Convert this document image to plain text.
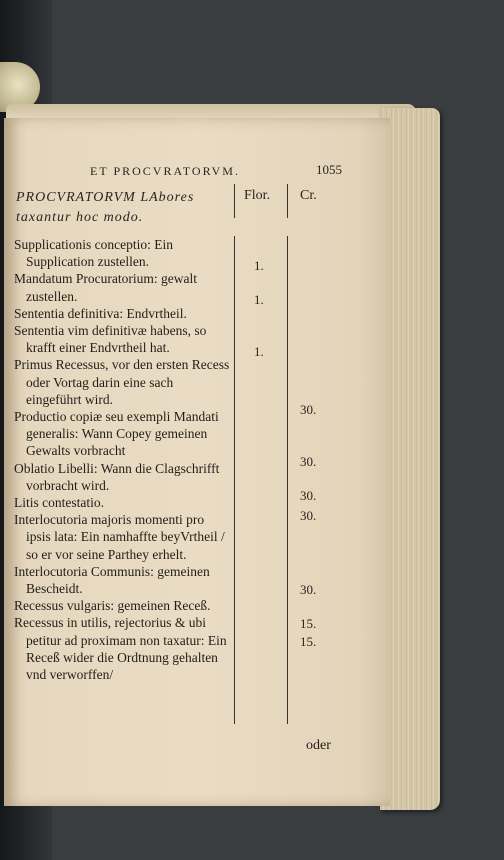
ET PROCVRATORVM.	1055
PROCVRATORVM LAbores taxantur hoc modo.
Flor. Cr.
Supplicationis conceptio: Ein Supplication zustellen.
Mandatum Procuratorium: gewalt zustellen.
Sententia definitiva: Endvrtheil.
Sententia vim definitivæ habens, so krafft einer Endvrtheil hat.
Primus Recessus, vor den ersten Recess oder Vortag darin eine sach eingeführt wird.
Productio copiæ seu exempli Mandati generalis: Wann Copey gemeinen Gewalts vorbracht
Oblatio Libelli: Wann die Clagschrifft vorbracht wird.
Litis contestatio.
Interlocutoria majoris momenti pro ipsis lata: Ein namhaffte beyVrtheil / so er vor seine Parthey erhelt.
Interlocutoria Communis: gemeinen Bescheidt.
Recessus vulgaris: gemeinen Receß.
Recessus in utilis, rejectorius & ubi petitur ad proximam non taxatur: Ein Receß wider die Ordtnung gehalten vnd verworffen/
1.
1.
1.
30.
30.
30.
30.
30.
15.
15.
oder
